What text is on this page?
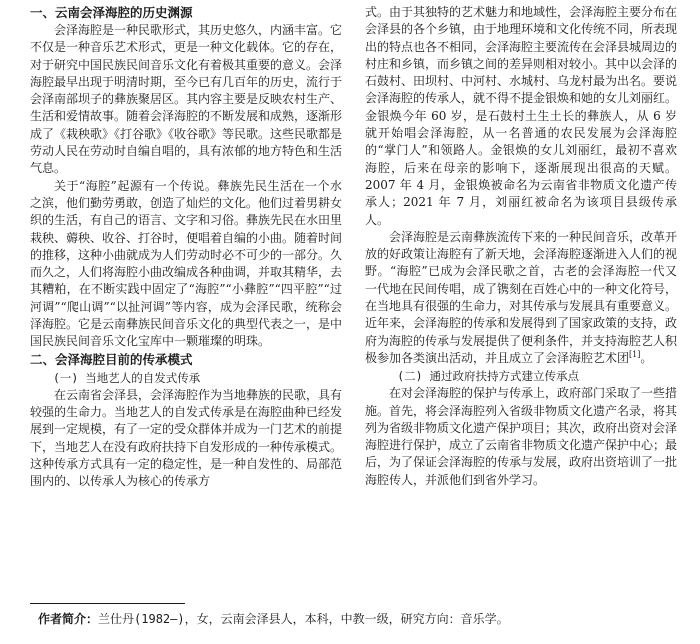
一、云南会泽海腔的历史渊源

会泽海腔是一种民歌形式，其历史悠久，内涵丰富。它不仅是一种音乐艺术形式，更是一种文化载体。它的存在，对于研究中国民族民间音乐文化有着极其重要的意义。会泽海腔最早出现于明清时期，至今已有几百年的历史，流行于会泽南部坝子的彝族聚居区。其内容主要是反映农村生产、生活和爱情故事。随着会泽海腔的不断发展和成熟，逐渐形成了《栽秧歌》《打谷歌》《收谷歌》等民歌。这些民歌都是劳动人民在劳动时自编自唱的，具有浓郁的地方特色和生活气息。

关于“海腔”起源有一个传说。彝族先民生活在一个水之滨，他们勤劳勇敢，创造了灿烂的文化。他们过着男耕女织的生活，有自己的语言、文字和习俗。彝族先民在水田里栽秧、薅秧、收谷、打谷时，便唱着自编的小曲。随着时间的推移，这种小曲就成为人们劳动时必不可少的一部分。久而久之，人们将海腔小曲改编成各种曲调，并取其精华，去其糟粕，在不断实践中固定了“海腔”“小彝腔”“四平腔”“过河调”“爬山调”“以扯河调”等内容，成为会泽民歌，统称会泽海腔。它是云南彝族民间音乐文化的典型代表之一，是中国民族民间音乐文化宝库中一颗璀璨的明珠。

二、会泽海腔目前的传承模式
(一) 当地艺人的自发式传承

在云南省会泽县，会泽海腔作为当地彝族的民歌，具有较强的生命力。当地艺人的自发式传承是在海腔曲种已经发展到一定规模，有了一定的受众群体并成为一门艺术的前提下，当地艺人在没有政府扶持下自发形成的一种传承模式。这种传承方式具有一定的稳定性，是一种自发性的、局部范围内的、以传承人为核心的传承方

式。由于其独特的艺术魅力和地域性，会泽海腔主要分布在会泽县的各个乡镇，由于地理环境和文化传统不同，所表现出的特点也各不相同，会泽海腔主要流传在会泽县城周边的村庄和乡镇，而乡镇之间的差异则相对较小。其中以会泽的石鼓村、田坝村、中河村、水城村、乌龙村最为出名。要说会泽海腔的传承人，就不得不提金银焕和她的女儿刘丽红。金银焕今年 60 岁，是石鼓村土生土长的彝族人，从 6 岁就开始唱会泽海腔，从一名普通的农民发展为会泽海腔的“掌门人”和领路人。金银焕的女儿刘丽红，最初不喜欢海腔，后来在母亲的影响下，逐渐展现出很高的天赋。2007 年 4 月，金银焕被命名为云南省非物质文化遗产传承人；2021 年 7 月，刘丽红被命名为该项目县级传承人。

会泽海腔是云南彝族流传下来的一种民间音乐，改革开放的好政策让海腔有了新天地，会泽海腔逐渐进入人们的视野。“海腔”已成为会泽民歌之首，古老的会泽海腔一代又一代地在民间传唱，成了镌刻在百姓心中的一种文化符号，在当地具有很强的生命力，对其传承与发展具有重要意义。近年来，会泽海腔的传承和发展得到了国家政策的支持，政府为海腔的传承与发展提供了便利条件，并支持海腔艺人积极参加各类演出活动，并且成立了会泽海腔艺术团[1]。

(二) 通过政府扶持方式建立传承点

在对会泽海腔的保护与传承上，政府部门采取了一些措施。首先，将会泽海腔列入省级非物质文化遗产名录，将其列为省级非物质文化遗产保护项目；其次，政府出资对会泽海腔进行保护，成立了云南省非物质文化遗产保护中心；最后，为了保证会泽海腔的传承与发展，政府出资培训了一批海腔传人，并派他们到省外学习。

作者简介：兰仕丹(1982—)，女，云南会泽县人，本科，中教一级，研究方向：音乐学。
